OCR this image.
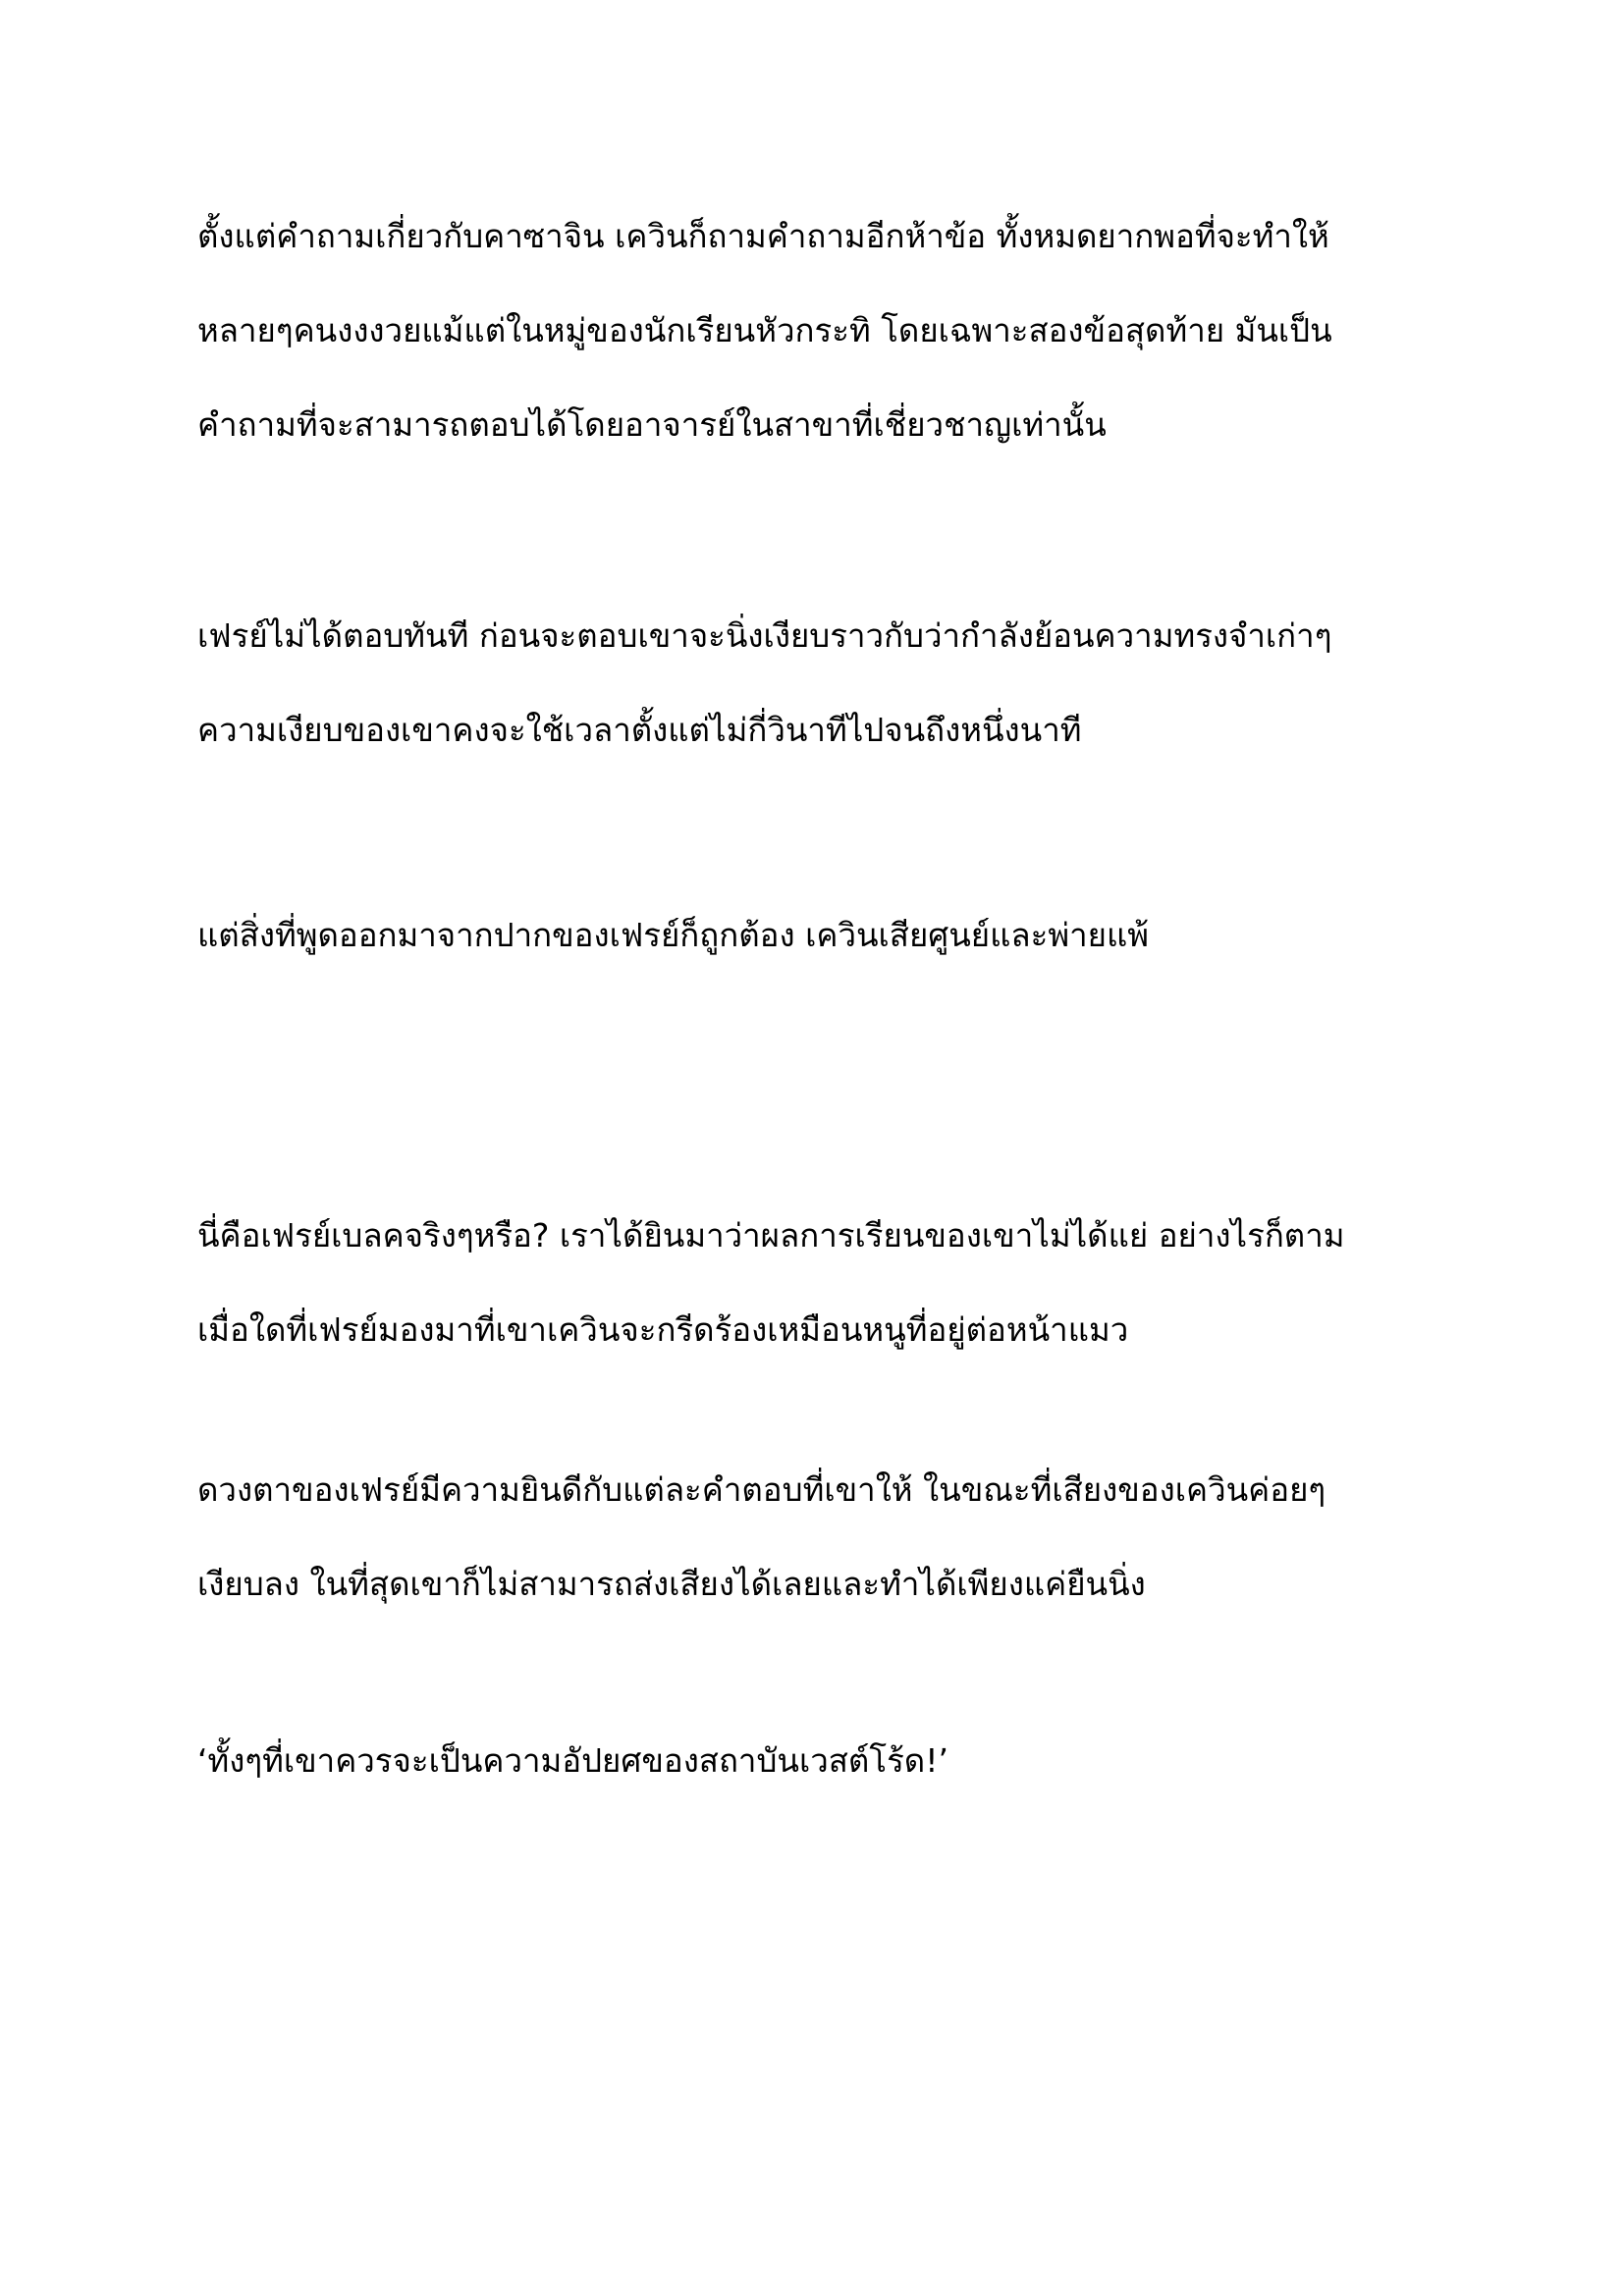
ตั้งแต่คำถามเกี่ยวกับคาซาจิน เควินก็ถามคำถามอีกห้าข้อ ทั้งหมดยากพอที่จะทำให้
หลายๆคนงงงวยแม้แต่ในหมู่ของนักเรียนหัวกระทิ โดยเฉพาะสองข้อสุดท้าย มันเป็น
คำถามที่จะสามารถตอบได้โดยอาจารย์ในสาขาที่เชี่ยวชาญเท่านั้น

เฟรย์ไม่ได้ตอบทันที ก่อนจะตอบเขาจะนิ่งเงียบราวกับว่ากำลังย้อนความทรงจำเก่าๆ
ความเงียบของเขาคงจะใช้เวลาตั้งแต่ไม่กี่วินาทีไปจนถึงหนึ่งนาที

แต่สิ่งที่พูดออกมาจากปากของเฟรย์ก็ถูกต้อง เควินเสียศูนย์และพ่ายแพ้

นี่คือเฟรย์เบลคจริงๆหรือ? เราได้ยินมาว่าผลการเรียนของเขาไม่ได้แย่ อย่างไรก็ตาม
เมื่อใดที่เฟรย์มองมาที่เขาเควินจะกรีดร้องเหมือนหนูที่อยู่ต่อหน้าแมว

ดวงตาของเฟรย์มีความยินดีกับแต่ละคำตอบที่เขาให้ ในขณะที่เสียงของเควินค่อยๆ
เงียบลง ในที่สุดเขาก็ไม่สามารถส่งเสียงได้เลยและทำได้เพียงแค่ยืนนิ่ง

‘ทั้งๆที่เขาควรจะเป็นความอัปยศของสถาบันเวสต์โร้ด!’
